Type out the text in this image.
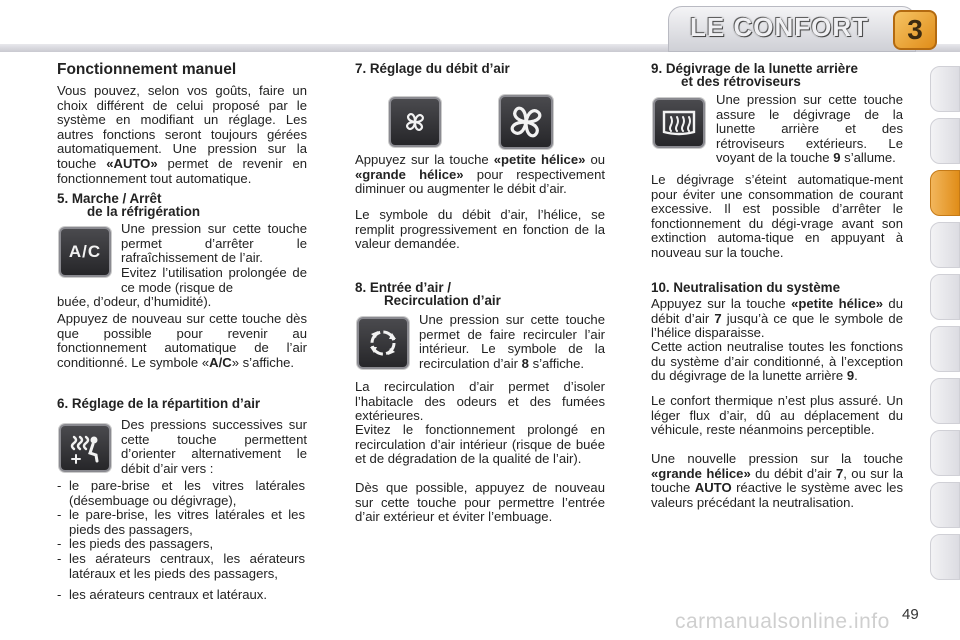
LE CONFORT	3
Fonctionnement manuel
Vous pouvez, selon vos goûts, faire un choix différent de celui proposé par le système en modifiant un réglage. Les autres fonctions seront toujours gérées automatiquement. Une pression sur la touche «AUTO» permet de revenir en fonctionnement tout automatique.
5. Marche / Arrêt
de la réfrigération
A/C
Une pression sur cette touche permet d’arrêter le rafraîchissement de l’air.
Evitez l’utilisation prolongée de ce mode (risque de
buée, d’odeur, d’humidité).
Appuyez de nouveau sur cette touche dès que possible pour revenir au fonctionnement automatique de l’air conditionné. Le symbole «A/C» s’affiche.
6. Réglage de la répartition d’air
Des pressions successives sur cette touche permettent d’orienter alternativement le débit d’air vers :
- le pare-brise et les vitres latérales (désembuage ou dégivrage),
- le pare-brise, les vitres latérales et les pieds des passagers,
- les pieds des passagers,
- les aérateurs centraux, les aérateurs latéraux et les pieds des passagers,
- les aérateurs centraux et latéraux.
7. Réglage du débit d’air
Appuyez sur la touche «petite hélice» ou «grande hélice» pour respectivement diminuer ou augmenter le débit d’air.
Le symbole du débit d’air, l’hélice, se remplit progressivement en fonction de la valeur demandée.
8. Entrée d’air /
Recirculation d’air
Une pression sur cette touche permet de faire recirculer l’air intérieur. Le symbole de la recirculation d’air 8 s’affiche.
La recirculation d’air permet d’isoler l’habitacle des odeurs et des fumées extérieures.
Evitez le fonctionnement prolongé en recirculation d’air intérieur (risque de buée et de dégradation de la qualité de l’air).
Dès que possible, appuyez de nouveau sur cette touche pour permettre l’entrée d’air extérieur et éviter l’embuage.
9. Dégivrage de la lunette arrière
et des rétroviseurs
Une pression sur cette touche assure le dégivrage de la lunette arrière et des rétroviseurs extérieurs. Le voyant de la touche 9 s’allume.
Le dégivrage s’éteint automatique-ment pour éviter une consommation de courant excessive. Il est possible d’arrêter le fonctionnement du dégi-vrage avant son extinction automa-tique en appuyant à nouveau sur la touche.
10. Neutralisation du système
Appuyez sur la touche «petite hélice» du débit d’air 7 jusqu’à ce que le symbole de l’hélice disparaisse.
Cette action neutralise toutes les fonctions du système d’air conditionné, à l’exception du dégivrage de la lunette arrière 9.
Le confort thermique n’est plus assuré. Un léger flux d’air, dû au déplacement du véhicule, reste néanmoins perceptible.
Une nouvelle pression sur la touche «grande hélice» du débit d’air 7, ou sur la touche AUTO réactive le système avec les valeurs précédant la neutralisation.
carmanualsonline.info 49
